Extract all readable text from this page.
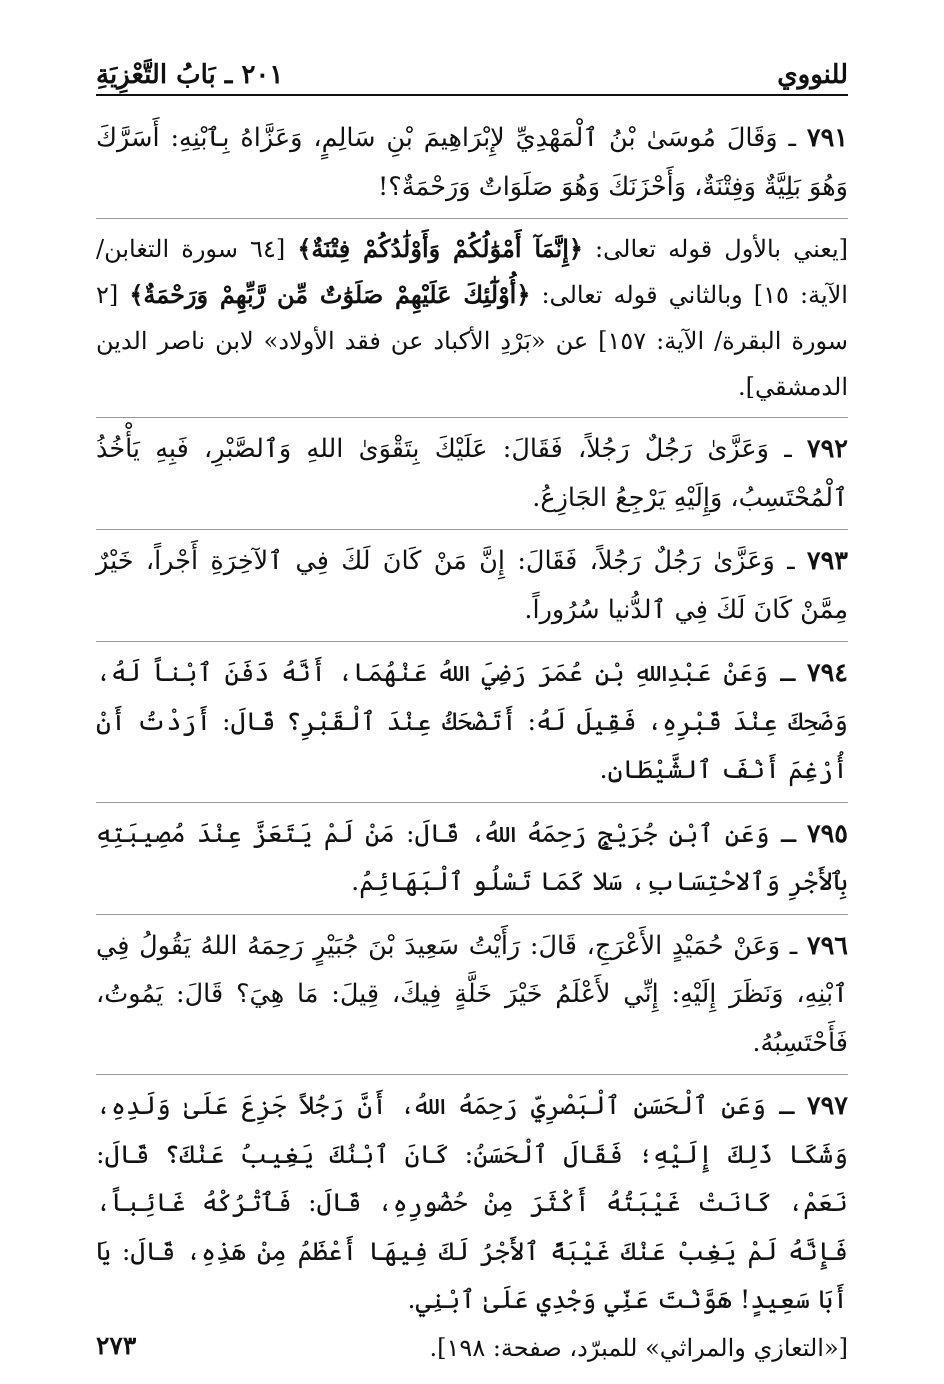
للنووي
٢٠١ ـ بَابُ التَّعْزِيَةِ

٧٩١ ـ وَقَالَ مُوسَىٰ بْنُ ٱلْمَهْدِيِّ لإِبْرَاهِيمَ بْنِ سَالِمٍ، وَعَزَّاهُ بِٱبْنِهِ: أَسَرَّكَ وَهُوَ بَلِيَّةٌ وَفِتْنَةٌ، وَأَحْزَنَكَ وَهُوَ صَلَوَاتٌ وَرَحْمَةٌ؟!

[يعني بالأول قوله تعالى: ﴿إِنَّمَآ أَمْوَٰلُكُمْ وَأَوْلَٰدُكُمْ فِتْنَةٌ﴾ [٦٤ سورة التغابن/ الآية: ١٥] وبالثاني قوله تعالى: ﴿أُوْلَٰٓئِكَ عَلَيْهِمْ صَلَوَٰتٌ مِّن رَّبِّهِمْ وَرَحْمَةٌ﴾ [٢ سورة البقرة/ الآية: ١٥٧] عن «بَرْدِ الأكباد عن فقد الأولاد» لابن ناصر الدين الدمشقي].

٧٩٢ ـ وَعَزَّىٰ رَجُلٌ رَجُلاً، فَقَالَ: عَلَيْكَ بِتَقْوَىٰ اللهِ وَٱلصَّبْرِ، فَبِهِ يَأْخُذُ ٱلْمُحْتَسِبُ، وَإِلَيْهِ يَرْجِعُ الجَازِعُ.

٧٩٣ ـ وَعَزَّىٰ رَجُلٌ رَجُلاً، فَقَالَ: إِنَّ مَنْ كَانَ لَكَ فِي ٱلآخِرَةِ أَجْراً، خَيْرٌ مِمَّنْ كَانَ لَكَ فِي ٱلدُّنيا سُرُوراً.

٧٩٤ ـ وَعَنْ عَبْدِاللهِ بْنِ عُمَرَ رَضِيَ اللهُ عَنْهُمَا، أَنَّهُ دَفَنَ ٱبْناً لَهُ، وَضَحِكَ عِنْدَ قَبْرِهِ، فَقِيلَ لَهُ: أَتَضْحَكُ عِنْدَ ٱلْقَبْرِ؟ قَالَ: أَرَدْتُ أَنْ أُرْغِمَ أَنْفَ ٱلشَّيْطَانِ.

٧٩٥ ـ وَعَنِ ٱبْنِ جُرَيْجٍ رَحِمَهُ اللهُ، قَالَ: مَنْ لَمْ يَتَعَزَّ عِنْدَ مُصِيبَتِهِ بِٱلأَجْرِ وَٱلاحْتِسَابِ، سَلا كَمَا تَسْلُو ٱلْبَهَائِمُ.

٧٩٦ ـ وَعَنْ حُمَيْدٍ الأَعْرَجِ، قَالَ: رَأَيْتُ سَعِيدَ بْنَ جُبَيْرٍ رَحِمَهُ اللهُ يَقُولُ فِي ٱبْنِهِ، وَنَظَرَ إِلَيْهِ: إِنِّي لأَعْلَمُ خَيْرَ خَلَّةٍ فِيكَ، قِيلَ: مَا هِيَ؟ قَالَ: يَمُوتُ، فَأَحْتَسِبُهُ.

٧٩٧ ـ وَعَنِ ٱلْحَسَنِ ٱلْبَصْرِيِّ رَحِمَهُ اللهُ، أَنَّ رَجُلاً جَزِعَ عَلَىٰ وَلَدِهِ، وَشَكَا ذَلِكَ إِلَيْهِ؛ فَقَالَ ٱلْحَسَنُ: كَانَ ٱبْنُكَ يَغِيبُ عَنْكَ؟ قَالَ: نَعَمْ، كَانَتْ غَيْبَتُهُ أَكْثَرَ مِنْ حُضُورِهِ، قَالَ: فَٱتْرُكْهُ غَائِباً، فَإِنَّهُ لَمْ يَغِبْ عَنْكَ غَيْبَةً ٱلأَجْرُ لَكَ فِيهَا أَعْظَمُ مِنْ هَذِهِ، قَالَ: يَا أَبَا سَعِيدٍ! هَوَّنْتَ عَنِّي وَجْدِي عَلَىٰ ٱبْنِي.

[«التعازي والمراثي» للمبرّد، صفحة: ١٩٨].

٢٧٣
